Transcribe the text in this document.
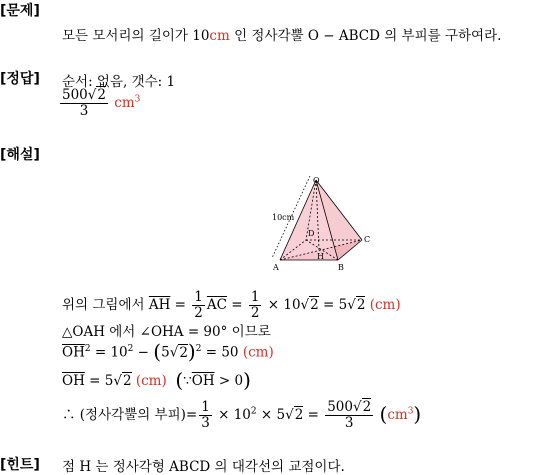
[문제]
모든 모서리의 길이가 10cm 인 정사각뿔 O − ABCD 의 부피를 구하여라.
[정답] 순서: 없음, 갯수: 1
$\frac{500√2}{3} cm^3$
[해설]
O
A	B
C
D
H
10cm
위의 그림에서 $\overline{AH} = \frac{1}{2} \overline{AC} = \frac{1}{2} \times 10√2 = 5√2$ (cm)
△OAH 에서 ∠OHA = 90° 이므로
$\overline{OH}^2 = 10^2 - (5√2)^2 = 50$ (cm)
$\overline{OH} = 5√2$ (cm) $(\because\overline{OH} > 0)$
∴ (정사각뿔의 부피)= $\frac{1}{3} \times 10^2 \times 5√2 = \frac{500√2}{3} (cm^3)$
[힌트] 점 H 는 정사각형 ABCD 의 대각선의 교점이다.
